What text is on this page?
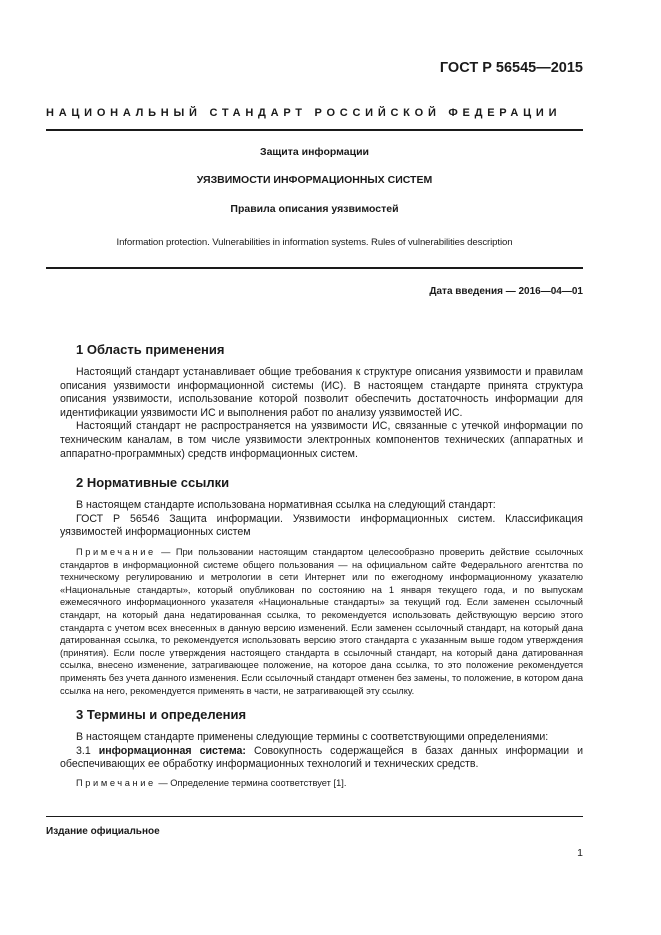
ГОСТ Р 56545—2015
НАЦИОНАЛЬНЫЙ СТАНДАРТ РОССИЙСКОЙ ФЕДЕРАЦИИ
Защита информации
УЯЗВИМОСТИ ИНФОРМАЦИОННЫХ СИСТЕМ
Правила описания уязвимостей
Information protection. Vulnerabilities in information systems. Rules of vulnerabilities description
Дата введения — 2016—04—01
1 Область применения

Настоящий стандарт устанавливает общие требования к структуре описания уязвимости и правилам описания уязвимости информационной системы (ИС). В настоящем стандарте принята структура описания уязвимости, использование которой позволит обеспечить достаточность информации для идентификации уязвимости ИС и выполнения работ по анализу уязвимостей ИС.

Настоящий стандарт не распространяется на уязвимости ИС, связанные с утечкой информации по техническим каналам, в том числе уязвимости электронных компонентов технических (аппаратных и аппаратно-программных) средств информационных систем.

2 Нормативные ссылки

В настоящем стандарте использована нормативная ссылка на следующий стандарт:

ГОСТ Р 56546 Защита информации. Уязвимости информационных систем. Классификация уязвимостей информационных систем

Примечание — При пользовании настоящим стандартом целесообразно проверить действие ссылочных стандартов в информационной системе общего пользования — на официальном сайте Федерального агентства по техническому регулированию и метрологии в сети Интернет или по ежегодному информационному указателю «Национальные стандарты», который опубликован по состоянию на 1 января текущего года, и по выпускам ежемесячного информационного указателя «Национальные стандарты» за текущий год. Если заменен ссылочный стандарт, на который дана недатированная ссылка, то рекомендуется использовать действующую версию этого стандарта с учетом всех внесенных в данную версию изменений. Если заменен ссылочный стандарт, на который дана датированная ссылка, то рекомендуется использовать версию этого стандарта с указанным выше годом утверждения (принятия). Если после утверждения настоящего стандарта в ссылочный стандарт, на который дана датированная ссылка, внесено изменение, затрагивающее положение, на которое дана ссылка, то это положение рекомендуется применять без учета данного изменения. Если ссылочный стандарт отменен без замены, то положение, в котором дана ссылка на него, рекомендуется применять в части, не затрагивающей эту ссылку.

3 Термины и определения

В настоящем стандарте применены следующие термины с соответствующими определениями:

3.1 информационная система: Совокупность содержащейся в базах данных информации и обеспечивающих ее обработку информационных технологий и технических средств.

Примечание — Определение термина соответствует [1].

Издание официальное
1
